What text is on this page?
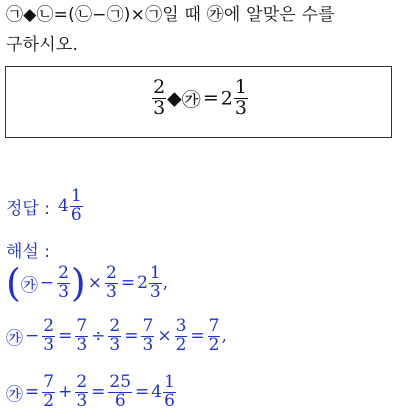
㉠◆㉡=(㉡−㉠)×㉠일 때 ㉮에 알맞은 수를
구하시오.
$\frac{2}{3}$ ◆㉮ = $2 \frac{1}{3}$
정답 : $4 \frac{1}{6}$
해설 :
( ㉮ − $\frac{2}{3}$ ) × $\frac{2}{3} = 2 \frac{1}{3}$ ,
㉮ − $\frac{2}{3} = \frac{7}{3} \div \frac{2}{3} = \frac{7}{3} \times \frac{3}{2} = \frac{7}{2}$ ,
㉮ = $\frac{7}{2} + \frac{2}{3} = \frac{25}{6} = 4 \frac{1}{6}$
